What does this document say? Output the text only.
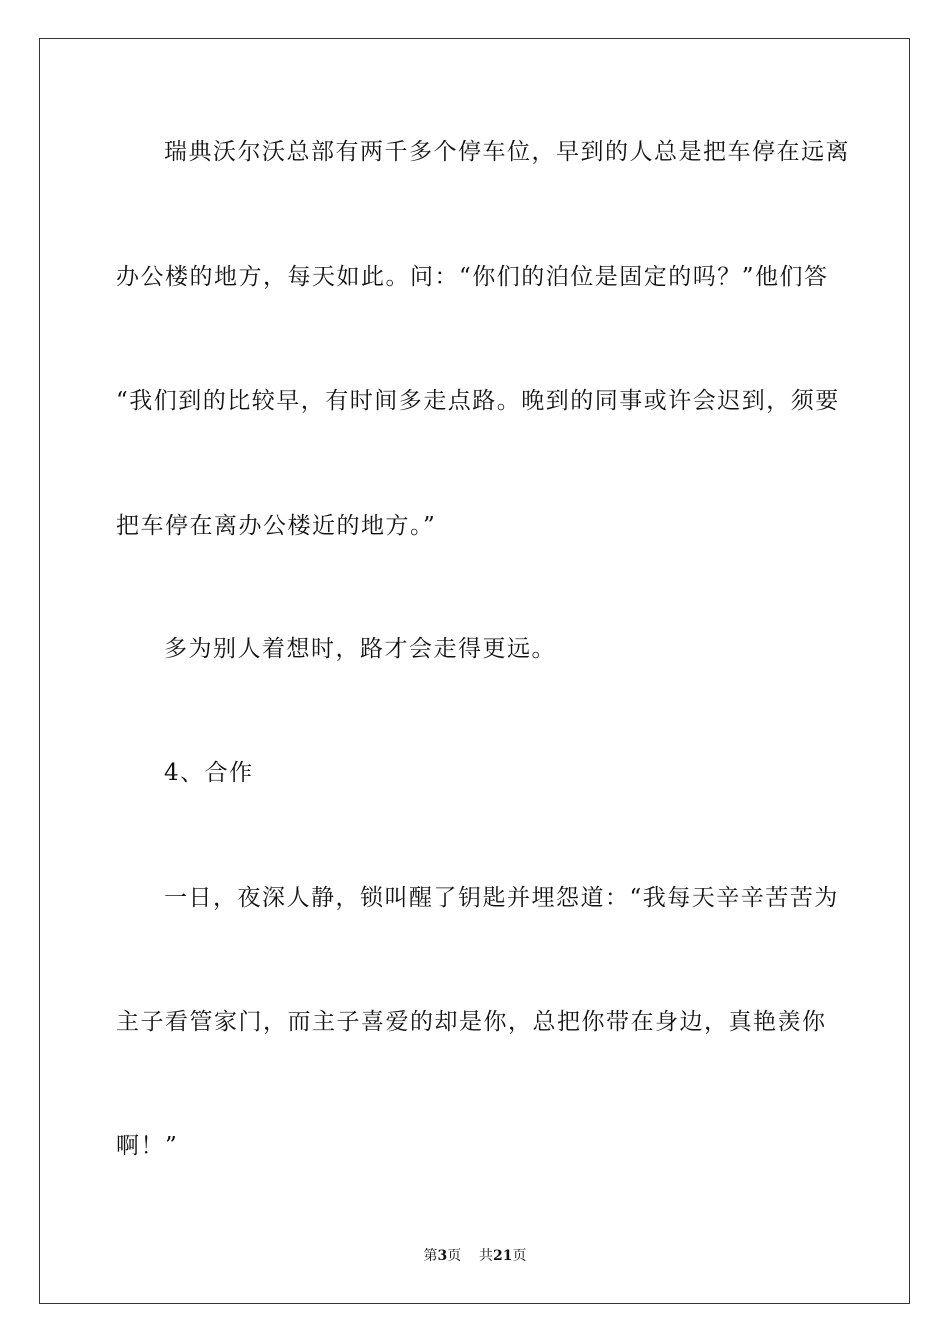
瑞典沃尔沃总部有两千多个停车位，早到的人总是把车停在远离
办公楼的地方，每天如此。问：“你们的泊位是固定的吗？”他们答
“我们到的比较早，有时间多走点路。晚到的同事或许会迟到，须要
把车停在离办公楼近的地方。”
多为别人着想时，路才会走得更远。
4、合作
一日，夜深人静，锁叫醒了钥匙并埋怨道：“我每天辛辛苦苦为
主子看管家门，而主子喜爱的却是你，总把你带在身边，真艳羡你
啊！”
第3页 共21页
